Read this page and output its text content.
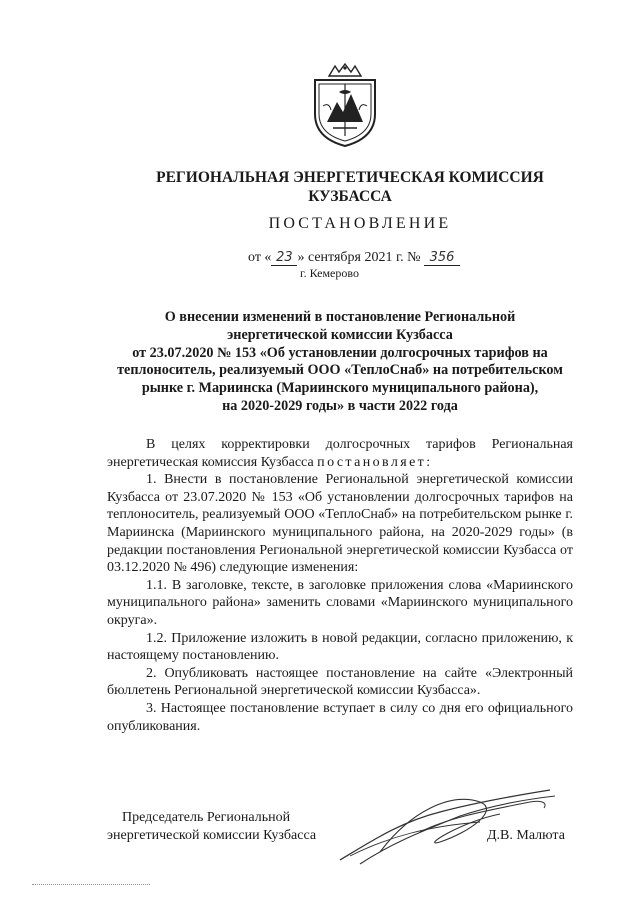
РЕГИОНАЛЬНАЯ ЭНЕРГЕТИЧЕСКАЯ КОМИССИЯ
КУЗБАССА
ПОСТАНОВЛЕНИЕ
от « 23 » сентября 2021 г. № 356
г. Кемерово
О внесении изменений в постановление Региональной
энергетической комиссии Кузбасса
от 23.07.2020 № 153 «Об установлении долгосрочных тарифов на
теплоноситель, реализуемый ООО «ТеплоСнаб» на потребительском
рынке г. Мариинска (Мариинского муниципального района),
на 2020-2029 годы» в части 2022 года

В целях корректировки долгосрочных тарифов Региональная энергетическая комиссия Кузбасса постановляет:

1. Внести в постановление Региональной энергетической комиссии Кузбасса от 23.07.2020 № 153 «Об установлении долгосрочных тарифов на теплоноситель, реализуемый ООО «ТеплоСнаб» на потребительском рынке г. Мариинска (Мариинского муниципального района, на 2020-2029 годы» (в редакции постановления Региональной энергетической комиссии Кузбасса от 03.12.2020 № 496) следующие изменения:

1.1. В заголовке, тексте, в заголовке приложения слова «Мариинского муниципального района» заменить словами «Мариинского муниципального округа».

1.2. Приложение изложить в новой редакции, согласно приложению, к настоящему постановлению.

2. Опубликовать настоящее постановление на сайте «Электронный бюллетень Региональной энергетической комиссии Кузбасса».

3. Настоящее постановление вступает в силу со дня его официального опубликования.

Председатель Региональной
энергетической комиссии Кузбасса	Д.В. Малюта
